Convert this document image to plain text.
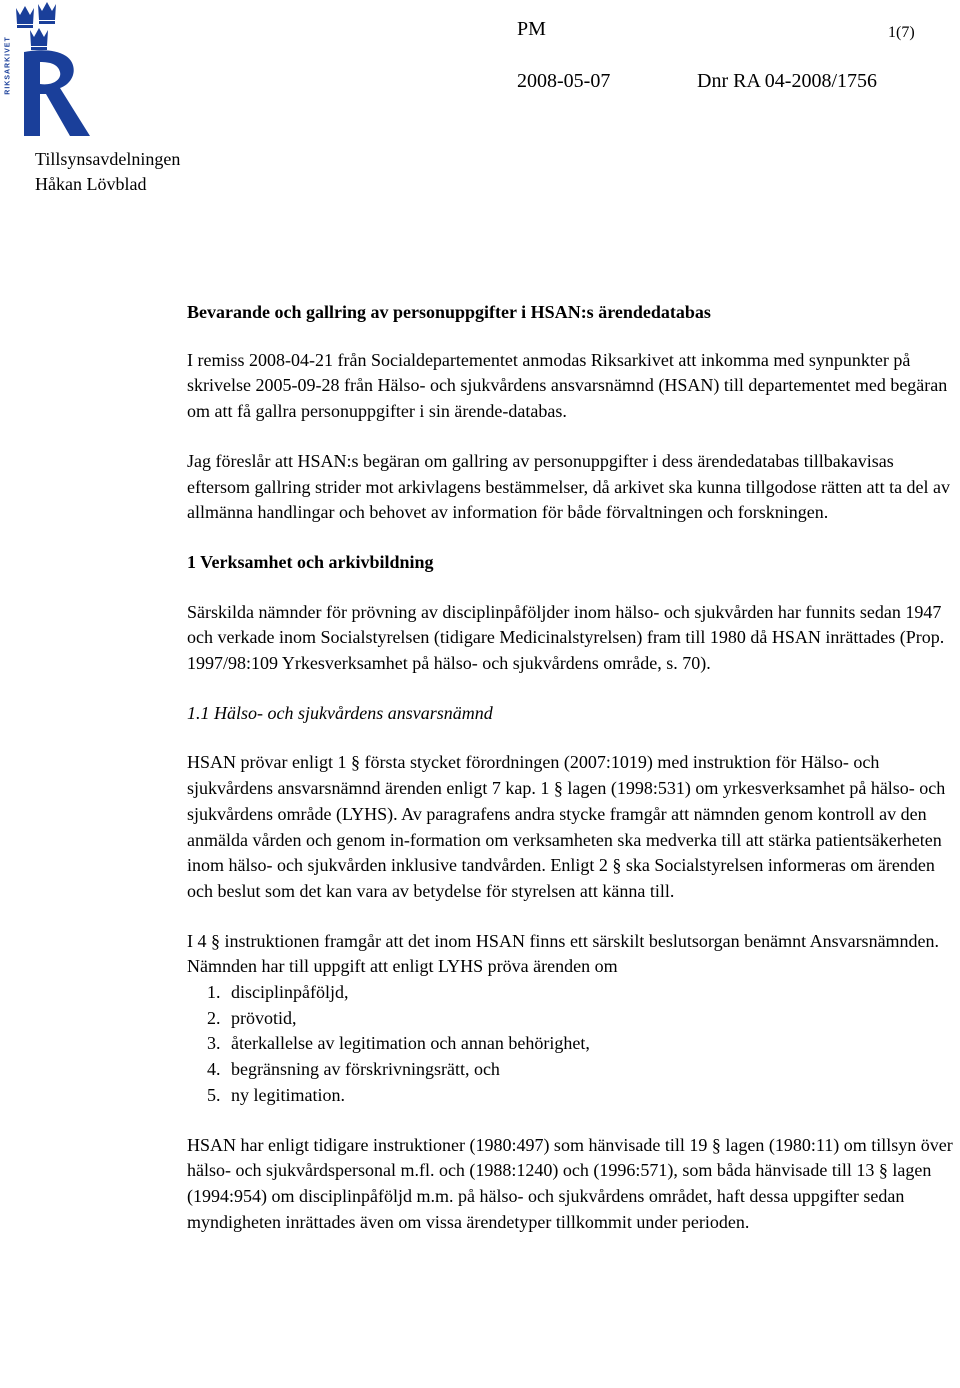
RIKSARKIVET
PM	1(7)
2008-05-07	Dnr RA 04-2008/1756
Tillsynsavdelningen
Håkan Lövblad

Bevarande och gallring av personuppgifter i HSAN:s ärendedatabas

I remiss 2008-04-21 från Socialdepartementet anmodas Riksarkivet att inkomma med synpunkter på skrivelse 2005-09-28 från Hälso- och sjukvårdens ansvarsnämnd (HSAN) till departementet med begäran om att få gallra personuppgifter i sin ärende-databas.

Jag föreslår att HSAN:s begäran om gallring av personuppgifter i dess ärendedatabas tillbakavisas eftersom gallring strider mot arkivlagens bestämmelser, då arkivet ska kunna tillgodose rätten att ta del av allmänna handlingar och behovet av information för både förvaltningen och forskningen.

1 Verksamhet och arkivbildning

Särskilda nämnder för prövning av disciplinpåföljder inom hälso- och sjukvården har funnits sedan 1947 och verkade inom Socialstyrelsen (tidigare Medicinalstyrelsen) fram till 1980 då HSAN inrättades (Prop. 1997/98:109 Yrkesverksamhet på hälso- och sjukvårdens område, s. 70).

1.1 Hälso- och sjukvårdens ansvarsnämnd

HSAN prövar enligt 1 § första stycket förordningen (2007:1019) med instruktion för Hälso- och sjukvårdens ansvarsnämnd ärenden enligt 7 kap. 1 § lagen (1998:531) om yrkesverksamhet på hälso- och sjukvårdens område (LYHS). Av paragrafens andra stycke framgår att nämnden genom kontroll av den anmälda vården och genom in-formation om verksamheten ska medverka till att stärka patientsäkerheten inom hälso- och sjukvården inklusive tandvården. Enligt 2 § ska Socialstyrelsen informeras om ärenden och beslut som det kan vara av betydelse för styrelsen att känna till.

I 4 § instruktionen framgår att det inom HSAN finns ett särskilt beslutsorgan benämnt Ansvarsnämnden. Nämnden har till uppgift att enligt LYHS pröva ärenden om

1. disciplinpåföljd,
2. prövotid,
3. återkallelse av legitimation och annan behörighet,
4. begränsning av förskrivningsrätt, och
5. ny legitimation.

HSAN har enligt tidigare instruktioner (1980:497) som hänvisade till 19 § lagen (1980:11) om tillsyn över hälso- och sjukvårdspersonal m.fl. och (1988:1240) och (1996:571), som båda hänvisade till 13 § lagen (1994:954) om disciplinpåföljd m.m. på hälso- och sjukvårdens området, haft dessa uppgifter sedan myndigheten inrättades även om vissa ärendetyper tillkommit under perioden.
